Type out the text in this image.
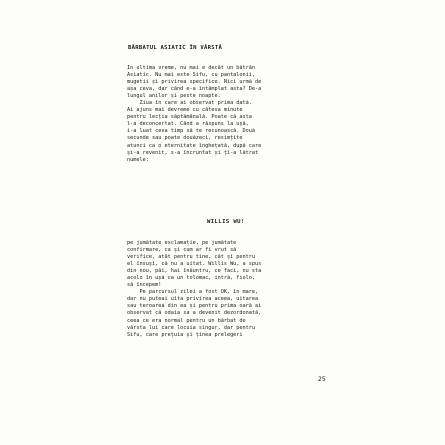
BĂRBATUL ASIATIC ÎN VÂRSTĂ
În ultima vreme, nu mai e decât un bătrân
Asiatic. Nu mai este Sifu, cu pantalonii,
mugetii și privirea specifice. Nici urmă de
așa ceva, dar când e-a întâmplat asta? De-a
lungul anilor și peste noapte.
Ziua în care ai observat prima dată.
Ai ajuns mai devreme cu câteva minute
pentru lecția săptămânală. Poate că asta
l-a deconcertat. Când a răspuns la ușă,
i-a luat ceva timp să te recunoască. Două
secunde sau poate douăzeci, resimțite
atunci ca o eternitate înghețată, după care
și-a revenit, s-a încruntat și ți-a lătrat
numele:
WILLIS WU!
pe jumătate exclamație, pe jumătate
confirmare, ca și cum ar fi vrut să
verifice, atât pentru tine, cât și pentru
el însuși, că nu a uitat. Willis Wu, a spus
din nou, păi, hai înăuntru, ce faci, nu sta
acolo în ușă ca un tolomac, intră, fiolo,
să începem!
Pe parcursul zilei a fost OK, în mare,
dar nu puteai uita privirea aceea, uitarea
sau teroarea din ea și pentru prima oară ai
observat că odaia sa a devenit dezordonată,
ceea ce era normal pentru un bărbat de
vârsta lui care locuia singur, dar pentru
Sifu, care prețuia și ținea prelegeri
25
